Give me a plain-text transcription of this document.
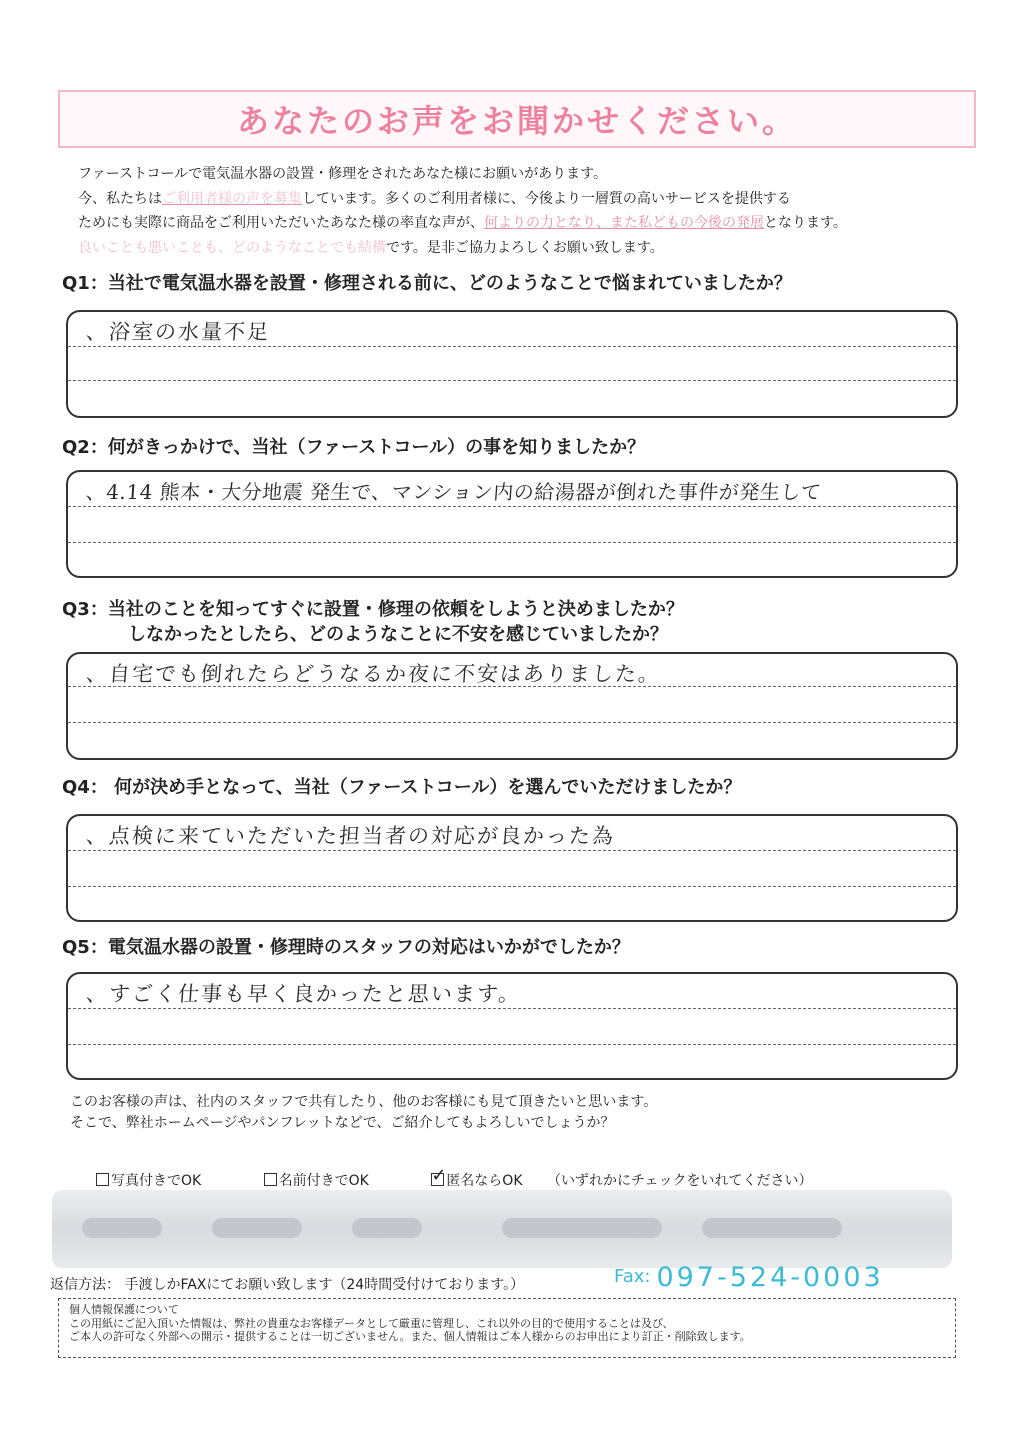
あなたのお声をお聞かせください。

ファーストコールで電気温水器の設置・修理をされたあなた様にお願いがあります。

今、私たちはご利用者様の声を募集しています。多くのご利用者様に、今後より一層質の高いサービスを提供する

ためにも実際に商品をご利用いただいたあなた様の率直な声が、何よりの力となり、また私どもの今後の発展となります。

良いことも悪いことも、どのようなことでも結構です。是非ご協力よろしくお願い致します。

Q1：当社で電気温水器を設置・修理される前に、どのようなことで悩まれていましたか？
、浴室の水量不足
Q2：何がきっかけで、当社（ファーストコール）の事を知りましたか？
、4.14 熊本・大分地震 発生で、マンション内の給湯器が倒れた事件が発生して
Q3：当社のことを知ってすぐに設置・修理の依頼をしようと決めましたか？
しなかったとしたら、どのようなことに不安を感じていましたか？
、自宅でも倒れたらどうなるか夜に不安はありました。
Q4： 何が決め手となって、当社（ファーストコール）を選んでいただけましたか？
、点検に来ていただいた担当者の対応が良かった為
Q5：電気温水器の設置・修理時のスタッフの対応はいかがでしたか？
、すごく仕事も早く良かったと思います。

このお客様の声は、社内のスタッフで共有したり、他のお客様にも見て頂きたいと思います。

そこで、弊社ホームページやパンフレットなどで、ご紹介してもよろしいでしょうか？

写真付きでOK	名前付きでOK	✓ 匿名ならOK （いずれかにチェックをいれてください）
返信方法： 手渡しかFAXにてお願い致します（24時間受付けております。）	Fax: 097-524-0003

個人情報保護について

この用紙にご記入頂いた情報は、弊社の貴重なお客様データとして厳重に管理し、これ以外の目的で使用することは及び、

ご本人の許可なく外部への開示・提供することは一切ございません。また、個人情報はご本人様からのお申出により訂正・削除致します。
